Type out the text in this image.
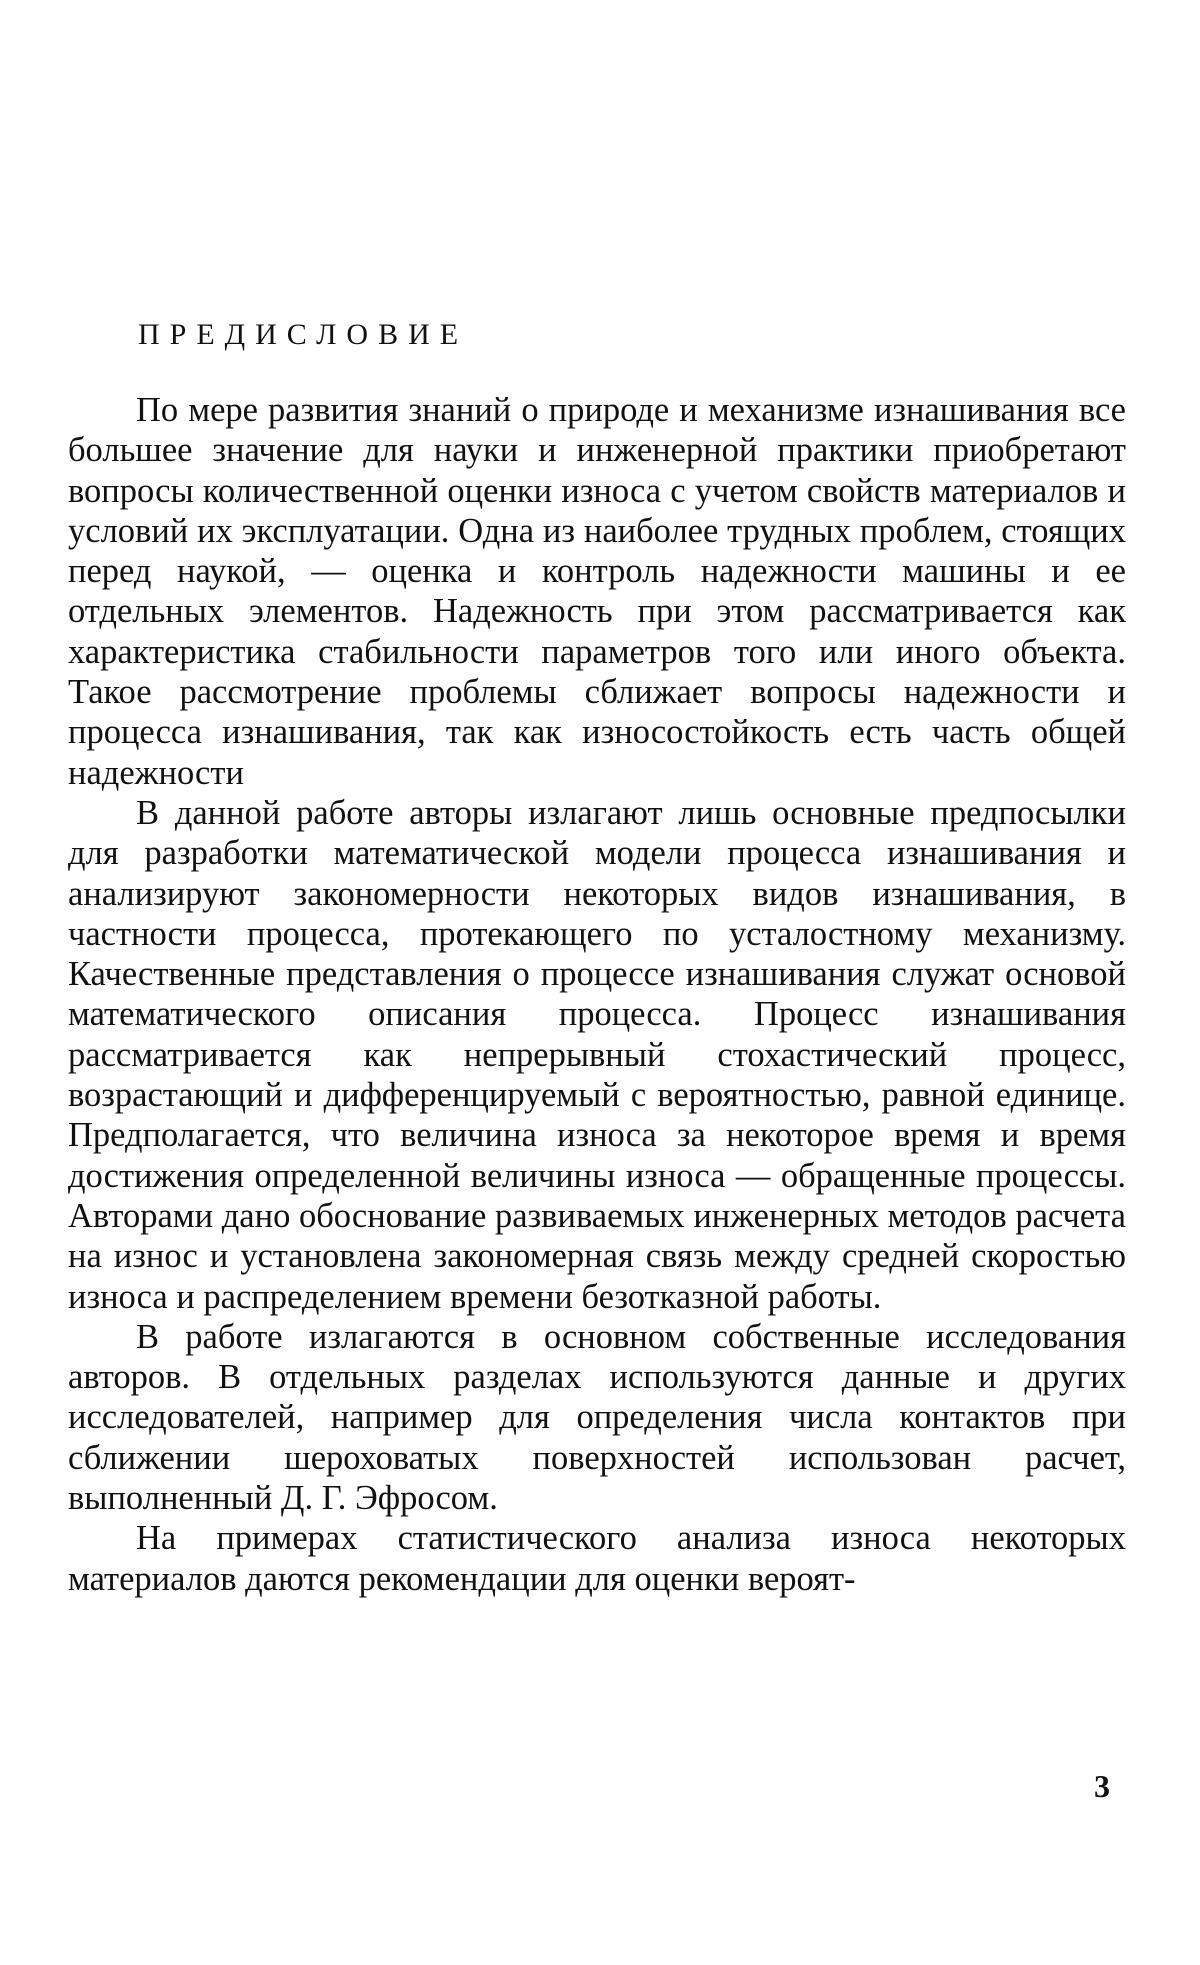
ПРЕДИСЛОВИЕ

По мере развития знаний о природе и механизме изнашивания все большее значение для науки и инженерной практики приобретают вопросы количественной оценки износа с учетом свойств материалов и условий их эксплуатации. Одна из наиболее трудных проблем, стоящих перед наукой, — оценка и контроль надежности машины и ее отдельных элементов. Надежность при этом рассматривается как характеристика стабильности параметров того или иного объекта. Такое рассмотрение проблемы сближает вопросы надежности и процесса изнашивания, так как износостойкость есть часть общей надежности

В данной работе авторы излагают лишь основные предпосылки для разработки математической модели процесса изнашивания и анализируют закономерности некоторых видов изнашивания, в частности процесса, протекающего по усталостному механизму. Качественные представления о процессе изнашивания служат основой математического описания процесса. Процесс изнашивания рассматривается как непрерывный стохастический процесс, возрастающий и дифференцируемый с вероятностью, равной единице. Предполагается, что величина износа за некоторое время и время достижения определенной величины износа — обращенные процессы. Авторами дано обоснование развиваемых инженерных методов расчета на износ и установлена закономерная связь между средней скоростью износа и распределением времени безотказной работы.

В работе излагаются в основном собственные исследования авторов. В отдельных разделах используются данные и других исследователей, например для определения числа контактов при сближении шероховатых поверхностей использован расчет, выполненный Д. Г. Эфросом.

На примерах статистического анализа износа некоторых материалов даются рекомендации для оценки вероят-

3
